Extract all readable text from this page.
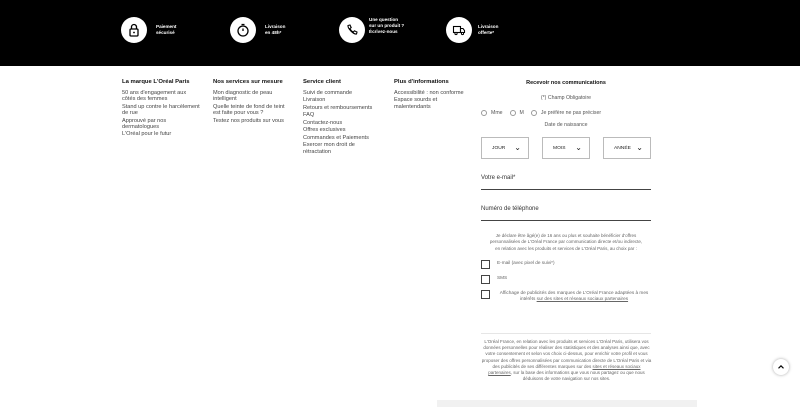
Paiement
sécurisé
Livraison
en 48h*
Une question
sur un produit ?
Écrivez-nous
Livraison
offerte*
La marque L'Oréal Paris
50 ans d'engagement aux côtés des femmes
Stand up contre le harcèlement de rue
Approuvé par nos dermatologues
L'Oréal pour le futur
Nos services sur mesure
Mon diagnostic de peau intelligent
Quelle teinte de fond de teint est faite pour vous ?
Testez nos produits sur vous
Service client
Suivi de commande
Livraison
Retours et remboursements
FAQ
Contactez-nous
Offres exclusives
Commandes et Paiements
Exercer mon droit de rétractation
Plus d'informations
Accessibilité : non conforme
Espace sourds et malentendants
Recevoir nos communications
(*) Champ Obligatoire
Mme	M	Je préfère ne pas préciser
Date de naissance
JOUR ⌄	MOIS ⌄	ANNÉE ⌄
Votre e-mail*
Numéro de téléphone
Je déclare être âgé(e) de 16 ans ou plus et souhaite bénéficier d'offres personnalisées de L'Oréal France par communication directe et/ou indirecte, en relation avec les produits et services de L'Oréal Paris, au choix par :
E-mail (avec pixel de suivi*)
SMS
Affichage de publicités des marques de L'Oréal France adaptées à mes intérêts sur des sites et réseaux sociaux partenaires
L'Oréal France, en relation avec les produits et services L'Oréal Paris, utilisera vos données personnelles pour réaliser des statistiques et des analyses ainsi que, avec votre consentement et selon vos choix ci-dessus, pour enrichir votre profil et vous proposer des offres personnalisées par communication directe de L'Oréal Paris et via des publicités de ses différentes marques sur des sites et réseaux sociaux partenaires, sur la base des informations que vous nous partagez ou que nous déduisons de votre navigation sur nos sites.
